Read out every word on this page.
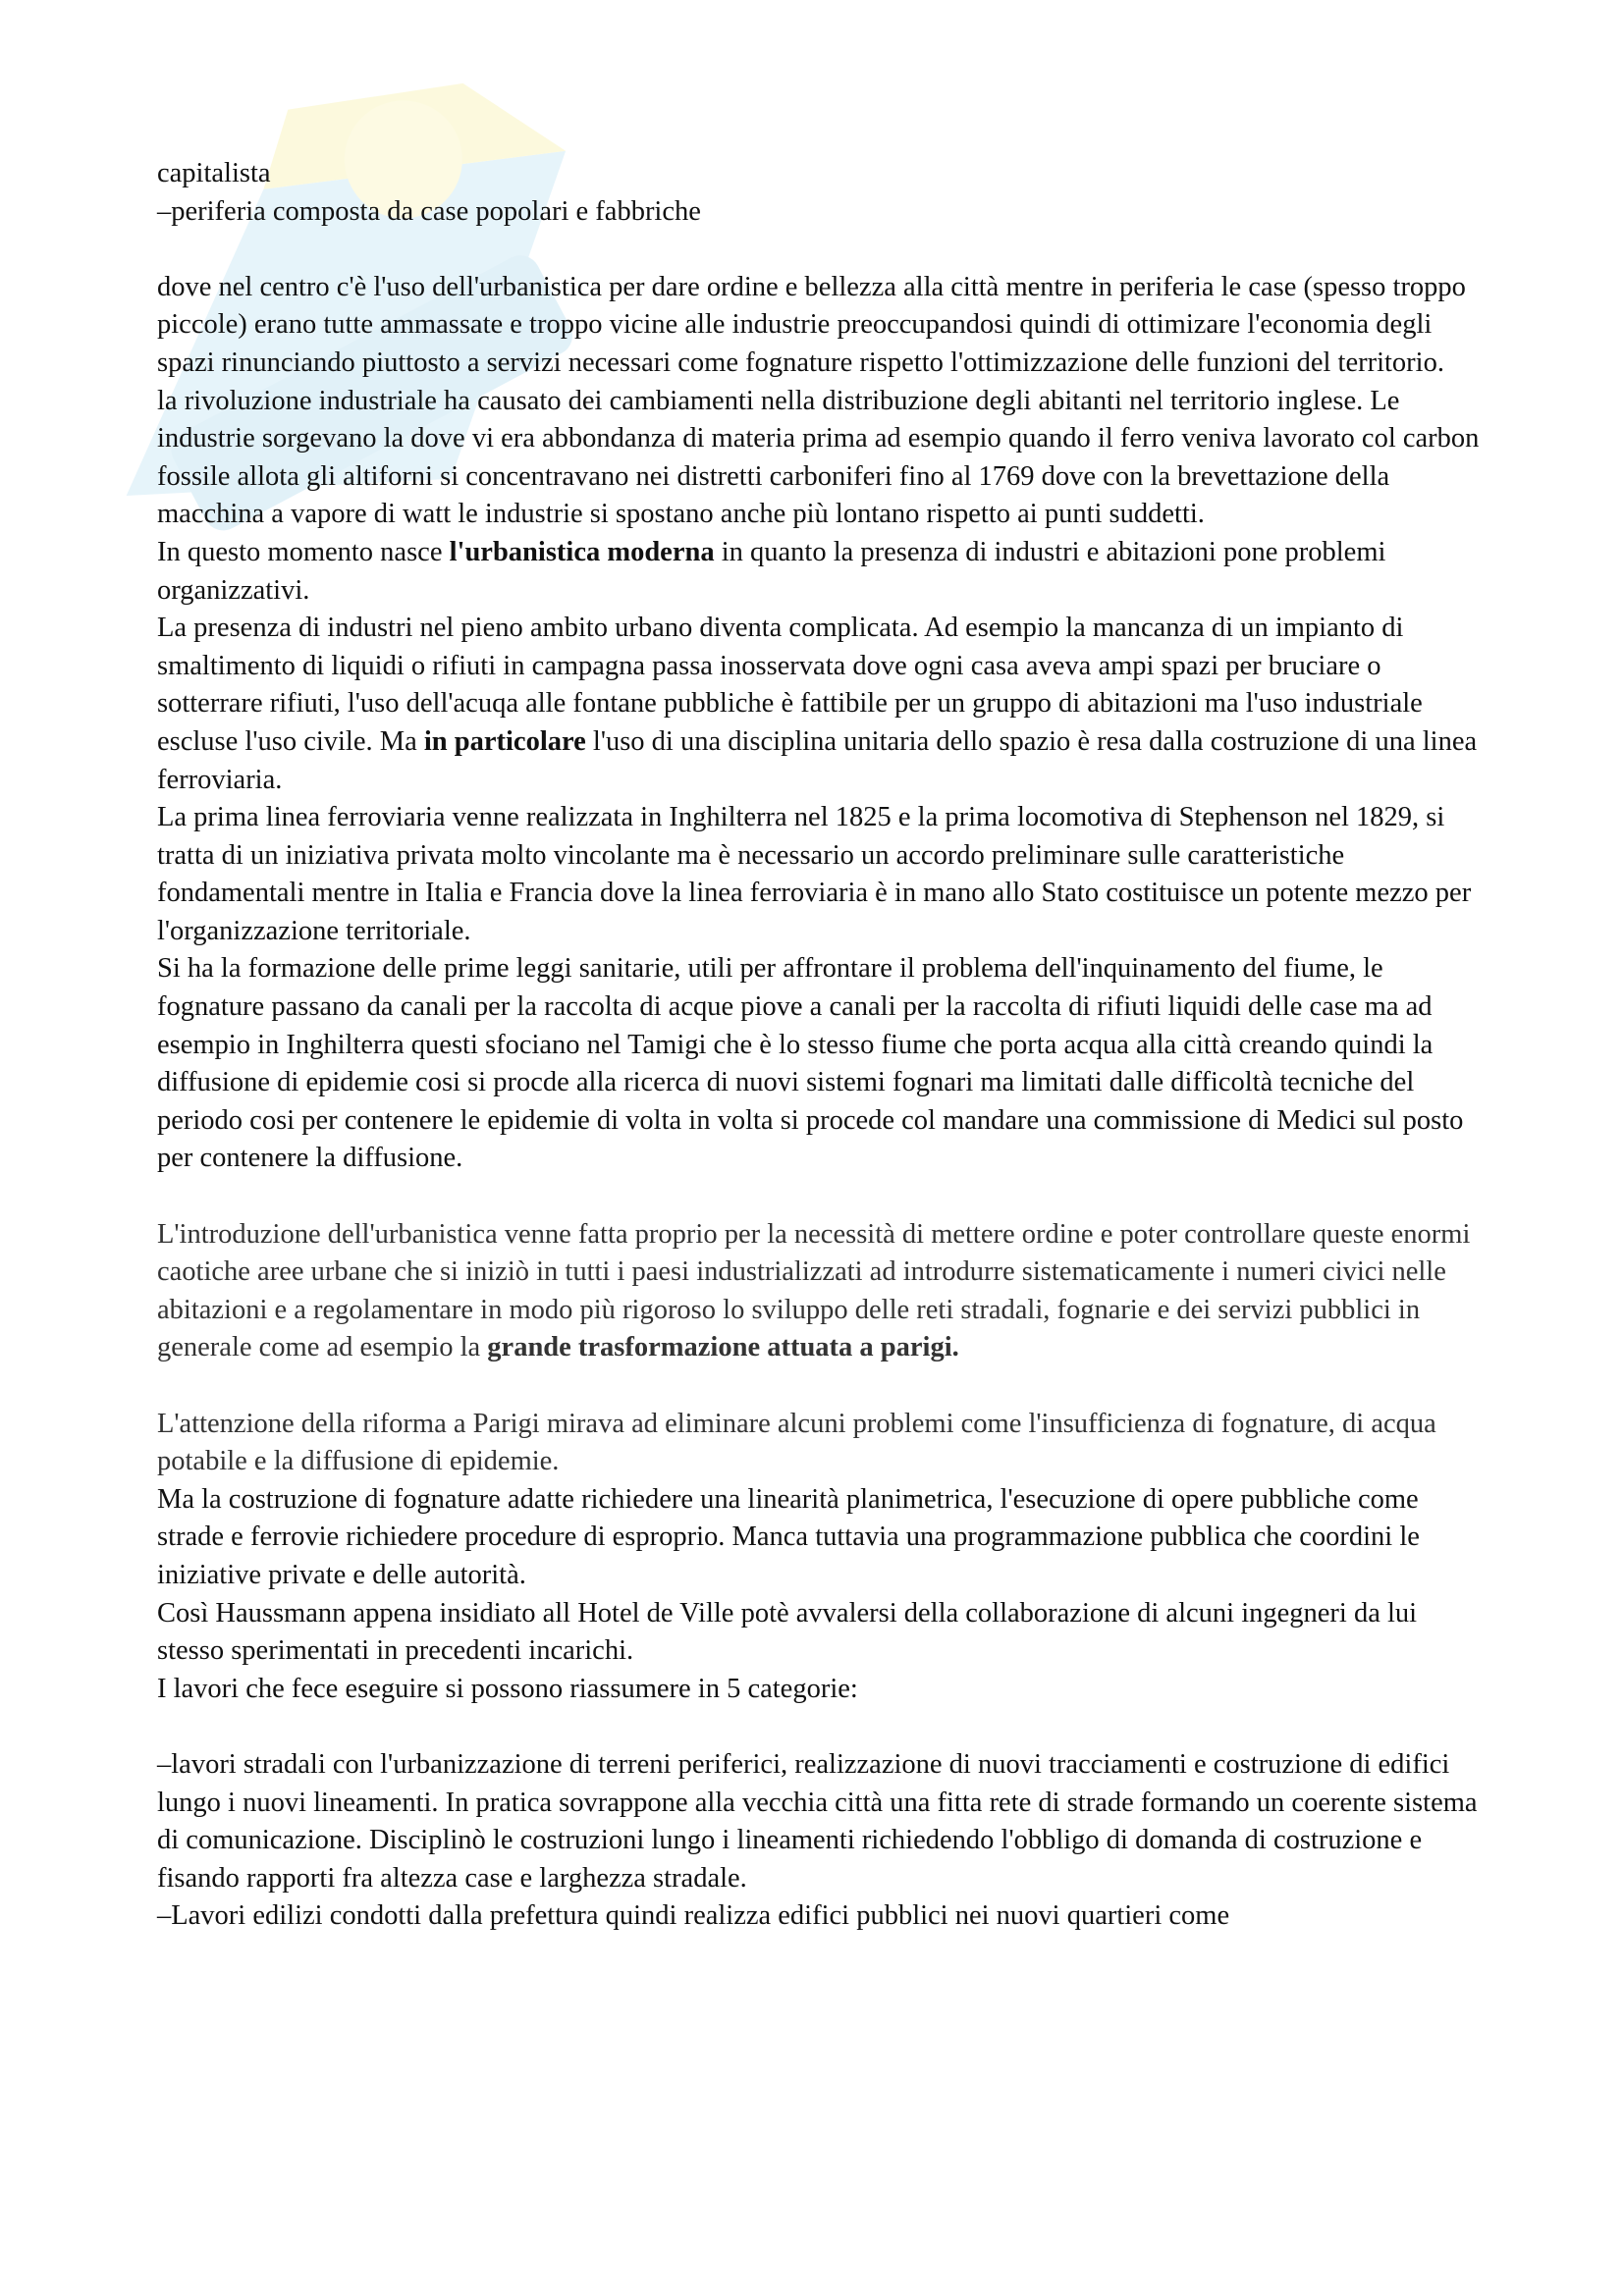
capitalista

–periferia composta da case popolari e fabbriche

dove nel centro c'è l'uso dell'urbanistica per dare ordine e bellezza alla città mentre in periferia le case (spesso troppo piccole) erano tutte ammassate e troppo vicine alle industrie preoccupandosi quindi di ottimizare l'economia degli spazi rinunciando piuttosto a servizi necessari come fognature rispetto l'ottimizzazione delle funzioni del territorio.

la rivoluzione industriale ha causato dei cambiamenti nella distribuzione degli abitanti nel territorio inglese. Le industrie sorgevano la dove vi era abbondanza di materia prima ad esempio quando il ferro veniva lavorato col carbon fossile allota gli altiforni si concentravano nei distretti carboniferi fino al 1769 dove con la brevettazione della macchina a vapore di watt le industrie si spostano anche più lontano rispetto ai punti suddetti.

In questo momento nasce l'urbanistica moderna in quanto la presenza di industri e abitazioni pone problemi organizzativi.

La presenza di industri nel pieno ambito urbano diventa complicata. Ad esempio la mancanza di un impianto di smaltimento di liquidi o rifiuti in campagna passa inosservata dove ogni casa aveva ampi spazi per bruciare o sotterrare rifiuti, l'uso dell'acuqa alle fontane pubbliche è fattibile per un gruppo di abitazioni ma l'uso industriale escluse l'uso civile. Ma in particolare l'uso di una disciplina unitaria dello spazio è resa dalla costruzione di una linea ferroviaria.

La prima linea ferroviaria venne realizzata in Inghilterra nel 1825 e la prima locomotiva di Stephenson nel 1829, si tratta di un iniziativa privata molto vincolante ma è necessario un accordo preliminare sulle caratteristiche fondamentali mentre in Italia e Francia dove la linea ferroviaria è in mano allo Stato costituisce un potente mezzo per l'organizzazione territoriale.

Si ha la formazione delle prime leggi sanitarie, utili per affrontare il problema dell'inquinamento del fiume, le fognature passano da canali per la raccolta di acque piove a canali per la raccolta di rifiuti liquidi delle case ma ad esempio in Inghilterra questi sfociano nel Tamigi che è lo stesso fiume che porta acqua alla città creando quindi la diffusione di epidemie cosi si procde alla ricerca di nuovi sistemi fognari ma limitati dalle difficoltà tecniche del periodo cosi per contenere le epidemie di volta in volta si procede col mandare una commissione di Medici sul posto per contenere la diffusione.

L'introduzione dell'urbanistica venne fatta proprio per la necessità di mettere ordine e poter controllare queste enormi caotiche aree urbane che si iniziò in tutti i paesi industrializzati ad introdurre sistematicamente i numeri civici nelle abitazioni e a regolamentare in modo più rigoroso lo sviluppo delle reti stradali, fognarie e dei servizi pubblici in generale come ad esempio la grande trasformazione attuata a parigi.

L'attenzione della riforma a Parigi mirava ad eliminare alcuni problemi come l'insufficienza di fognature, di acqua potabile e la diffusione di epidemie.

Ma la costruzione di fognature adatte richiedere una linearità planimetrica, l'esecuzione di opere pubbliche come strade e ferrovie richiedere procedure di esproprio. Manca tuttavia una programmazione pubblica che coordini le iniziative private e delle autorità.

Così Haussmann appena insidiato all Hotel de Ville potè avvalersi della collaborazione di alcuni ingegneri da lui stesso sperimentati in precedenti incarichi.

I lavori che fece eseguire si possono riassumere in 5 categorie:

–lavori stradali con l'urbanizzazione di terreni periferici, realizzazione di nuovi tracciamenti e costruzione di edifici lungo i nuovi lineamenti. In pratica sovrappone alla vecchia città una fitta rete di strade formando un coerente sistema di comunicazione. Disciplinò le costruzioni lungo i lineamenti richiedendo l'obbligo di domanda di costruzione e fisando rapporti fra altezza case e larghezza stradale.

–Lavori edilizi condotti dalla prefettura quindi realizza edifici pubblici nei nuovi quartieri come
